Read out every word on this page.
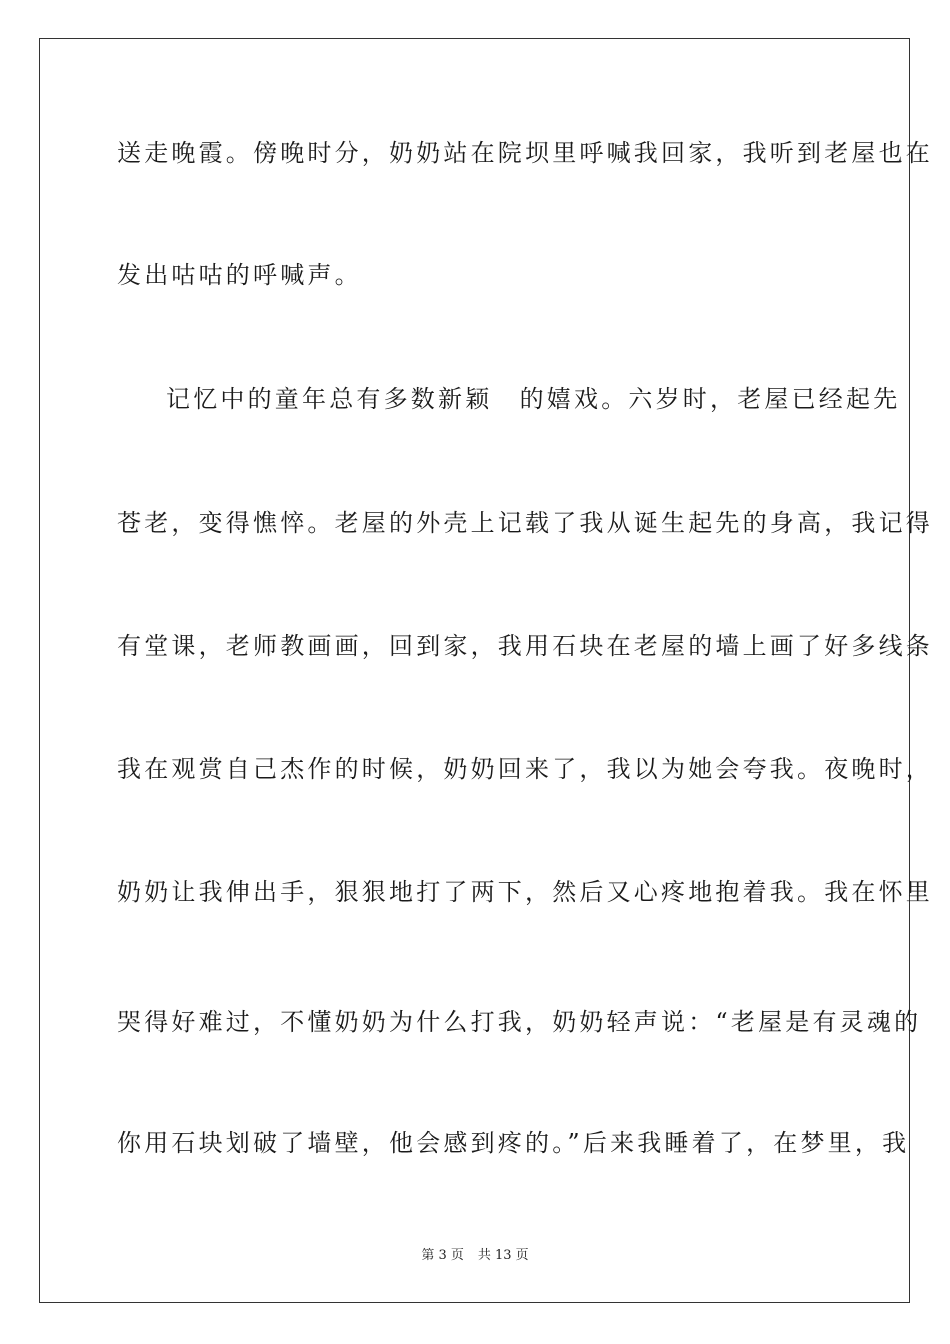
送走晚霞。傍晚时分，奶奶站在院坝里呼喊我回家，我听到老屋也在
发出咕咕的呼喊声。
记忆中的童年总有多数新颖　的嬉戏。六岁时，老屋已经起先
苍老，变得憔悴。老屋的外壳上记载了我从诞生起先的身高，我记得
有堂课，老师教画画，回到家，我用石块在老屋的墙上画了好多线条
我在观赏自己杰作的时候，奶奶回来了，我以为她会夸我。夜晚时，
奶奶让我伸出手，狠狠地打了两下，然后又心疼地抱着我。我在怀里
哭得好难过，不懂奶奶为什么打我，奶奶轻声说：“老屋是有灵魂的
你用石块划破了墙壁，他会感到疼的。”后来我睡着了，在梦里，我
第 3 页 共 13 页
